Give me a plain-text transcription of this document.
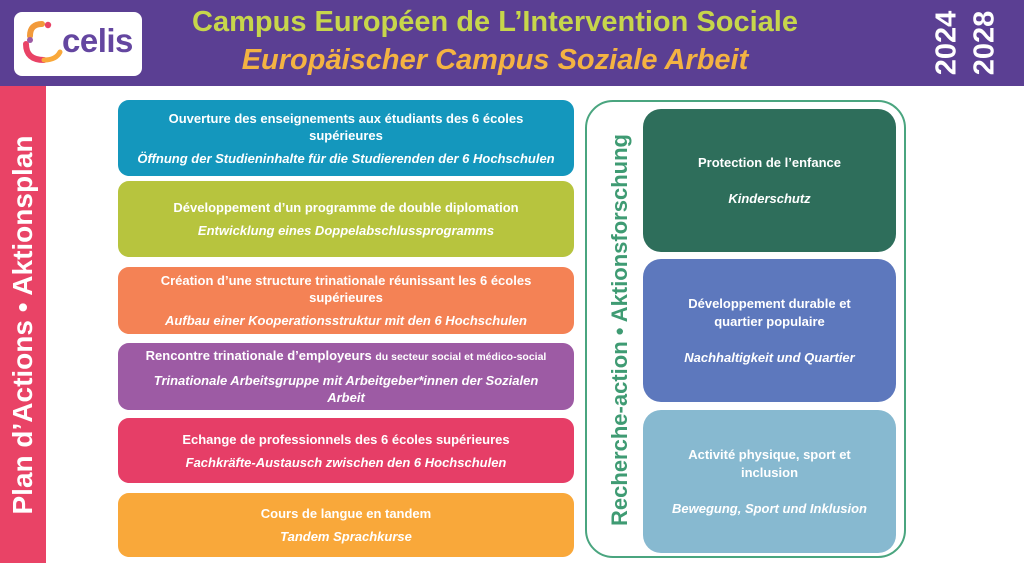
celis	Campus Européen de L’Intervention Sociale
Europäischer Campus Soziale Arbeit	2024 2028
Plan d’Actions • Aktionsplan
Ouverture des enseignements aux étudiants des 6 écoles supérieures
Öffnung der Studieninhalte für die Studierenden der 6 Hochschulen
Développement d’un programme de double diplomation
Entwicklung eines Doppelabschlussprogramms
Création d’une structure trinationale réunissant les 6 écoles supérieures
Aufbau einer Kooperationsstruktur mit den 6 Hochschulen
Rencontre trinationale d’employeurs du secteur social et médico-social
Trinationale Arbeitsgruppe mit Arbeitgeber*innen der Sozialen Arbeit
Echange de professionnels des 6 écoles supérieures
Fachkräfte-Austausch zwischen den 6 Hochschulen
Cours de langue en tandem
Tandem Sprachkurse
Recherche-action • Aktionsforschung	Protection de l’enfance
Kinderschutz
Développement durable et quartier populaire
Nachhaltigkeit und Quartier
Activité physique, sport et inclusion
Bewegung, Sport und Inklusion
